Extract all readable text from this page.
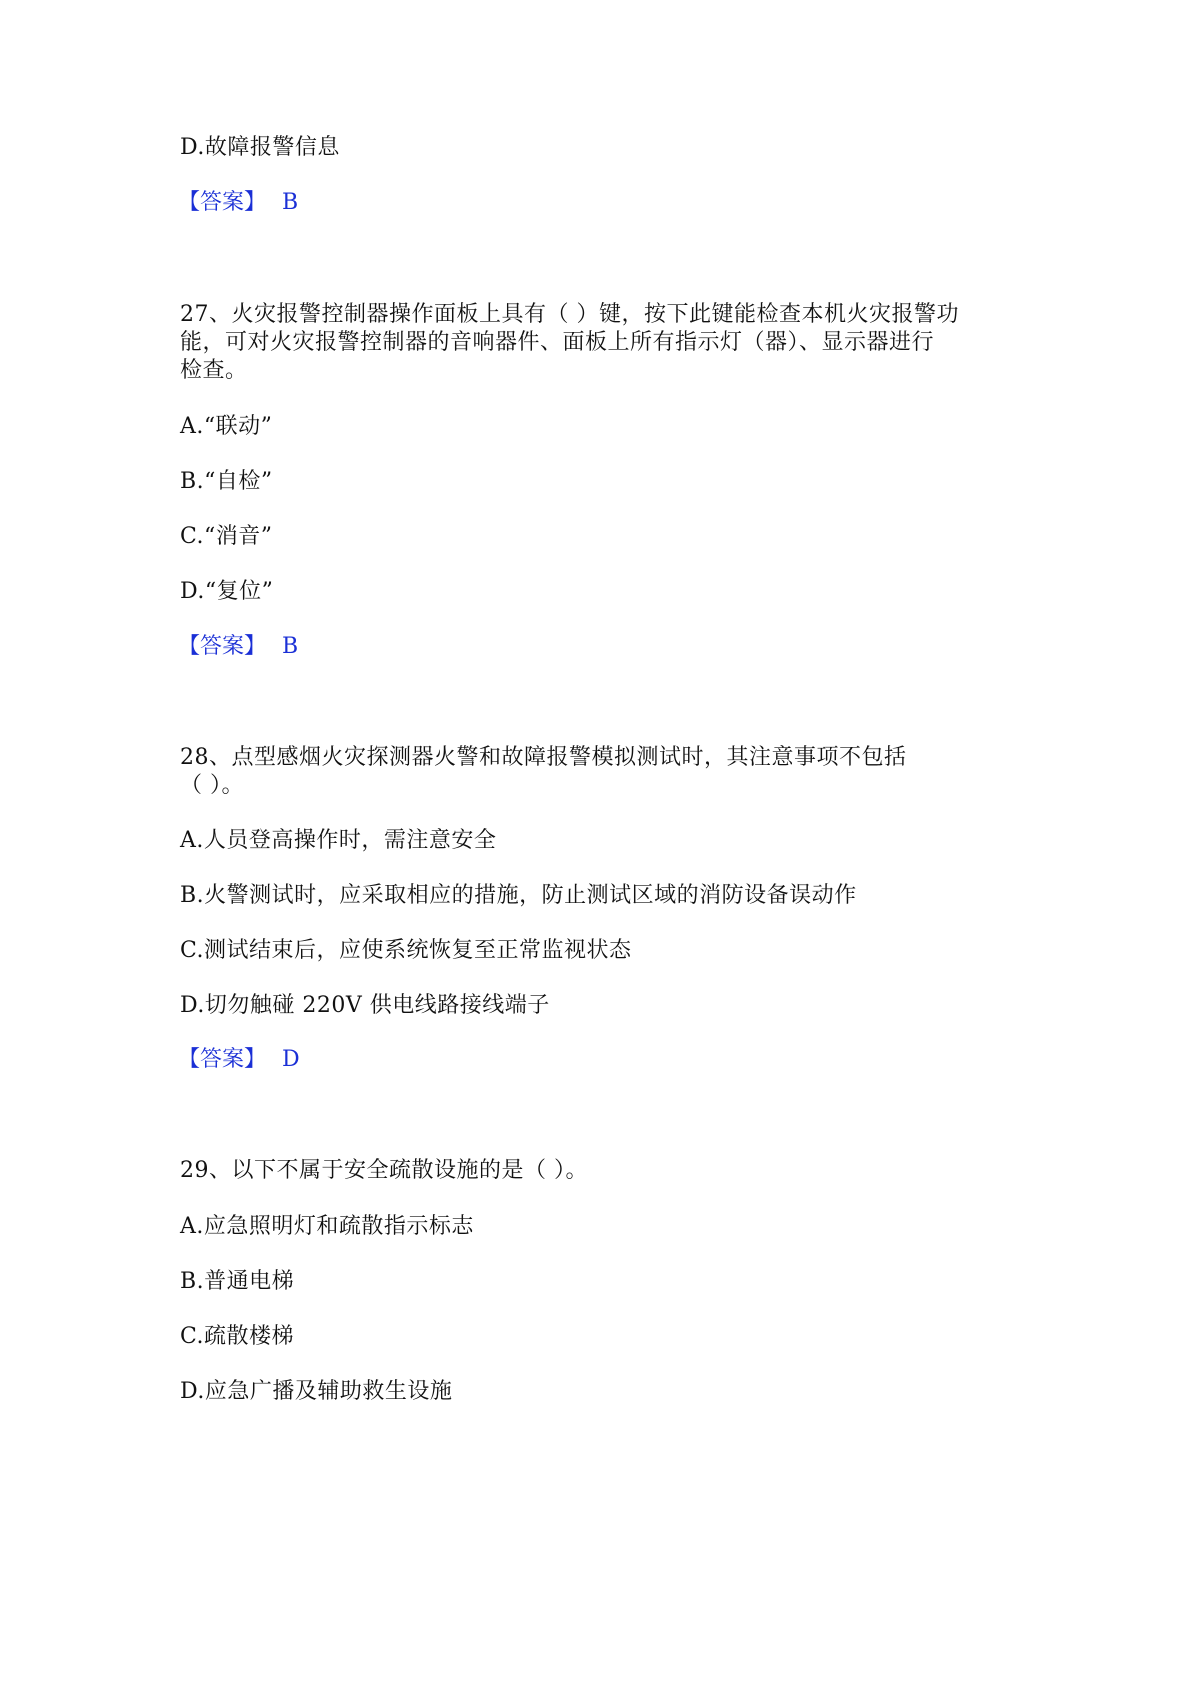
D.故障报警信息
【答案】 B
27、火灾报警控制器操作面板上具有（ ）键，按下此键能检查本机火灾报警功
能，可对火灾报警控制器的音响器件、面板上所有指示灯（器）、显示器进行
检查。
A.“联动”
B.“自检”
C.“消音”
D.“复位”
【答案】 B
28、点型感烟火灾探测器火警和故障报警模拟测试时，其注意事项不包括
（ ）。
A.人员登高操作时，需注意安全
B.火警测试时，应采取相应的措施，防止测试区域的消防设备误动作
C.测试结束后，应使系统恢复至正常监视状态
D.切勿触碰 220V 供电线路接线端子
【答案】 D
29、以下不属于安全疏散设施的是（ ）。
A.应急照明灯和疏散指示标志
B.普通电梯
C.疏散楼梯
D.应急广播及辅助救生设施
